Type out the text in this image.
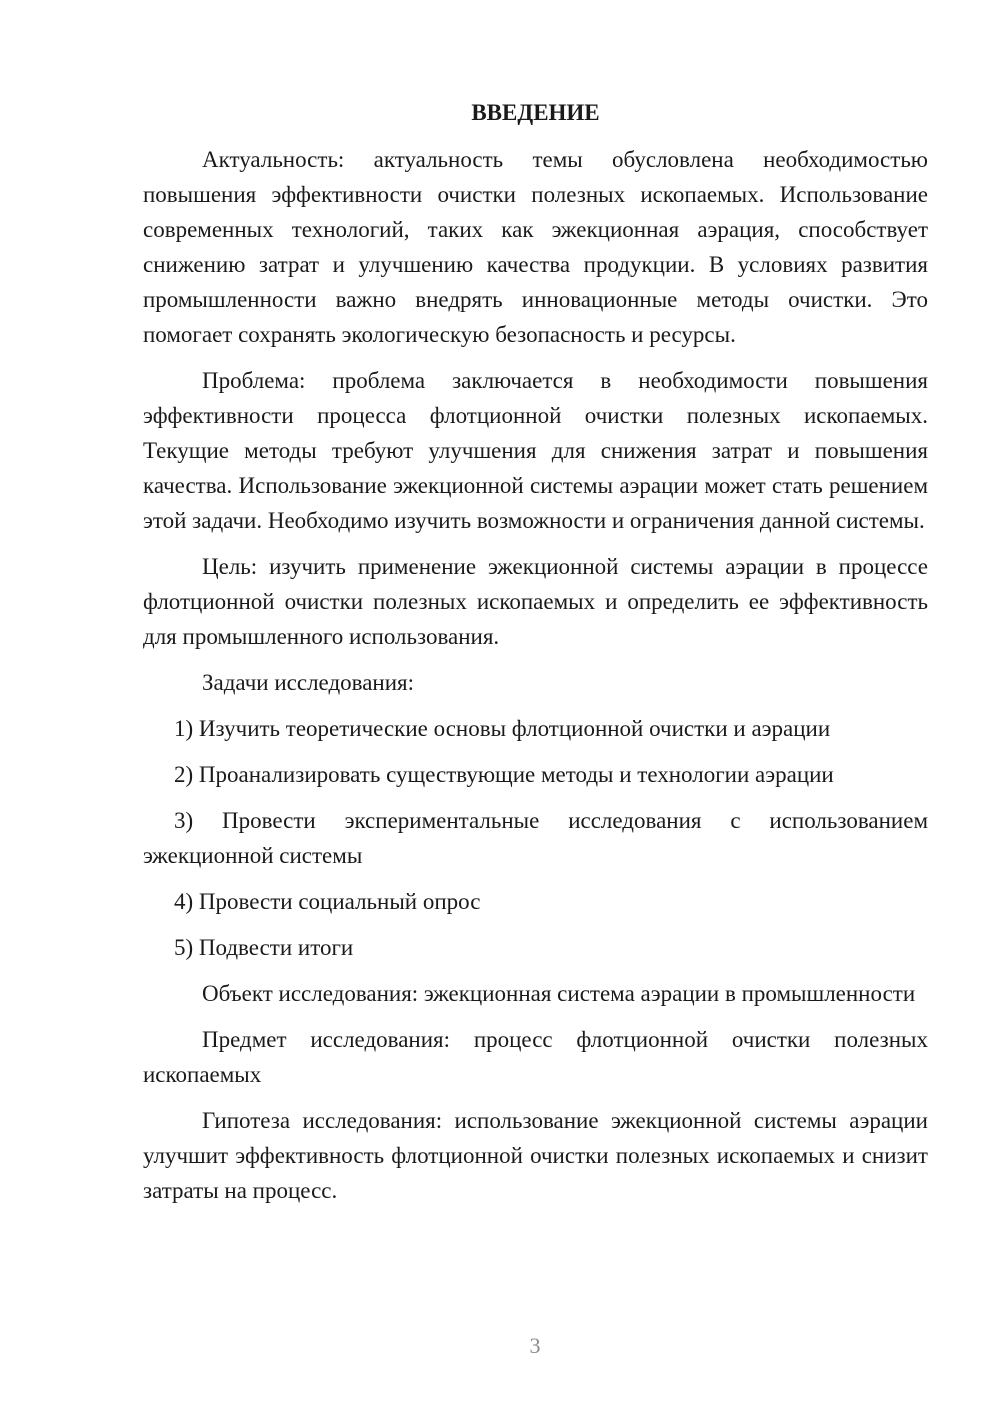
ВВЕДЕНИЕ

Актуальность: актуальность темы обусловлена необходимостью повышения эффективности очистки полезных ископаемых. Использование современных технологий, таких как эжекционная аэрация, способствует снижению затрат и улучшению качества продукции. В условиях развития промышленности важно внедрять инновационные методы очистки. Это помогает сохранять экологическую безопасность и ресурсы.

Проблема: проблема заключается в необходимости повышения эффективности процесса флотционной очистки полезных ископаемых. Текущие методы требуют улучшения для снижения затрат и повышения качества. Использование эжекционной системы аэрации может стать решением этой задачи. Необходимо изучить возможности и ограничения данной системы.

Цель: изучить применение эжекционной системы аэрации в процессе флотционной очистки полезных ископаемых и определить ее эффективность для промышленного использования.

Задачи исследования:

1) Изучить теоретические основы флотционной очистки и аэрации

2) Проанализировать существующие методы и технологии аэрации

3) Провести экспериментальные исследования с использованием эжекционной системы

4) Провести социальный опрос

5) Подвести итоги

Объект исследования: эжекционная система аэрации в промышленности

Предмет исследования: процесс флотционной очистки полезных ископаемых

Гипотеза исследования: использование эжекционной системы аэрации улучшит эффективность флотционной очистки полезных ископаемых и снизит затраты на процесс.

3
